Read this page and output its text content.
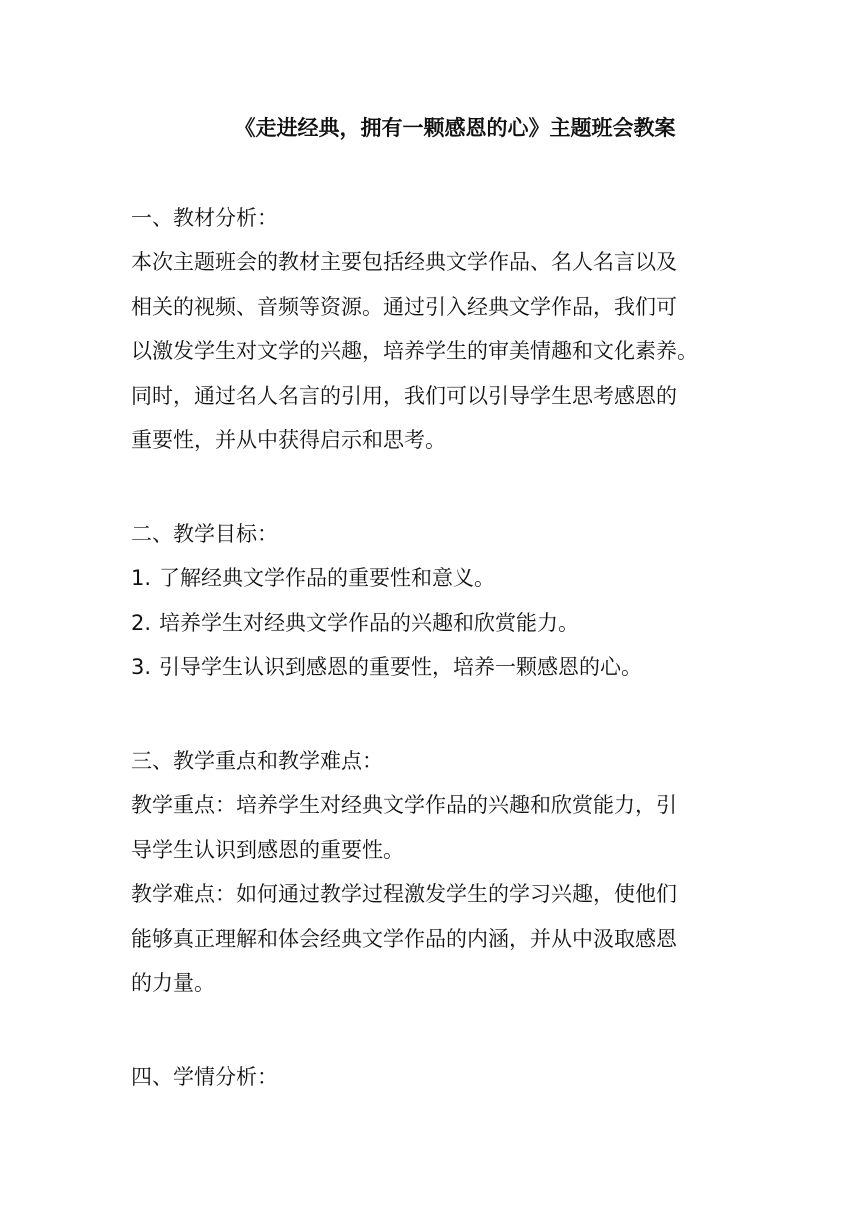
《走进经典，拥有一颗感恩的心》主题班会教案
一、教材分析：
本次主题班会的教材主要包括经典文学作品、名人名言以及
相关的视频、音频等资源。通过引入经典文学作品，我们可
以激发学生对文学的兴趣，培养学生的审美情趣和文化素养。
同时，通过名人名言的引用，我们可以引导学生思考感恩的
重要性，并从中获得启示和思考。
二、教学目标：
1. 了解经典文学作品的重要性和意义。
2. 培养学生对经典文学作品的兴趣和欣赏能力。
3. 引导学生认识到感恩的重要性，培养一颗感恩的心。
三、教学重点和教学难点：
教学重点：培养学生对经典文学作品的兴趣和欣赏能力，引
导学生认识到感恩的重要性。
教学难点：如何通过教学过程激发学生的学习兴趣，使他们
能够真正理解和体会经典文学作品的内涵，并从中汲取感恩
的力量。
四、学情分析：
